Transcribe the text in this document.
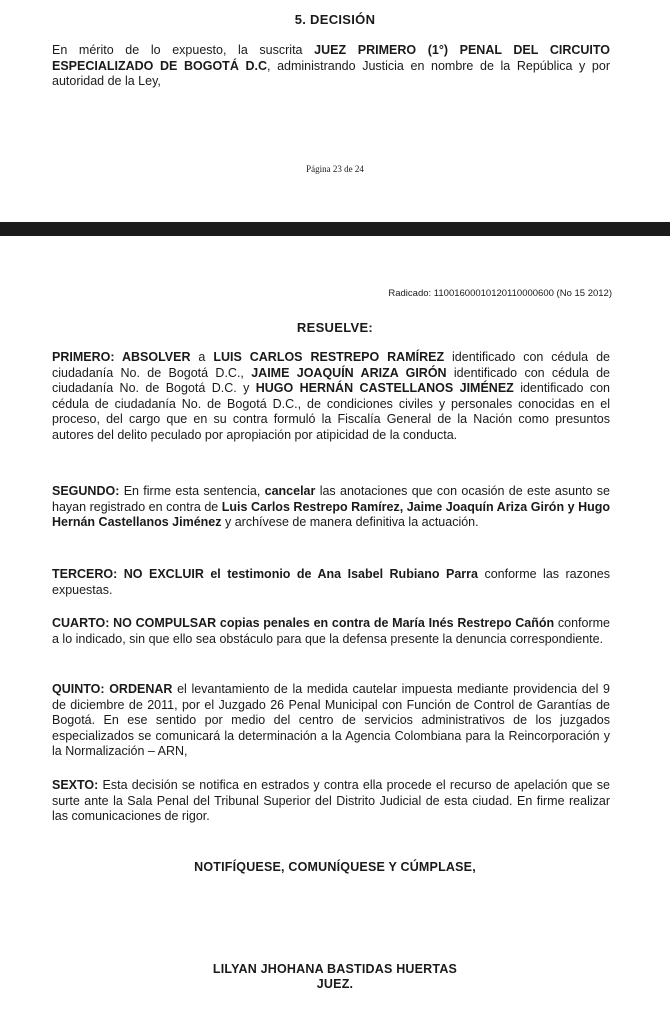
5. DECISIÓN
En mérito de lo expuesto, la suscrita JUEZ PRIMERO (1°) PENAL DEL CIRCUITO ESPECIALIZADO DE BOGOTÁ D.C, administrando Justicia en nombre de la República y por autoridad de la Ley,
Página 23 de 24
Radicado: 110016000101201100006​00 (No 15 2012)
RESUELVE:
PRIMERO: ABSOLVER a LUIS CARLOS RESTREPO RAMÍREZ identificado con cédula de ciudadanía No. de Bogotá D.C., JAIME JOAQUÍN ARIZA GIRÓN identificado con cédula de ciudadanía No. de Bogotá D.C. y HUGO HERNÁN CASTELLANOS JIMÉNEZ identificado con cédula de ciudadanía No. de Bogotá D.C., de condiciones civiles y personales conocidas en el proceso, del cargo que en su contra formuló la Fiscalía General de la Nación como presuntos autores del delito peculado por apropiación por atipicidad de la conducta.
SEGUNDO: En firme esta sentencia, cancelar las anotaciones que con ocasión de este asunto se hayan registrado en contra de Luis Carlos Restrepo Ramírez, Jaime Joaquín Ariza Girón y Hugo Hernán Castellanos Jiménez y archívese de manera definitiva la actuación.
TERCERO: NO EXCLUIR el testimonio de Ana Isabel Rubiano Parra conforme las razones expuestas.
CUARTO: NO COMPULSAR copias penales en contra de María Inés Restrepo Cañón conforme a lo indicado, sin que ello sea obstáculo para que la defensa presente la denuncia correspondiente.
QUINTO: ORDENAR el levantamiento de la medida cautelar impuesta mediante providencia del 9 de diciembre de 2011, por el Juzgado 26 Penal Municipal con Función de Control de Garantías de Bogotá. En ese sentido por medio del centro de servicios administrativos de los juzgados especializados se comunicará la determinación a la Agencia Colombiana para la Reincorporación y la Normalización – ARN,
SEXTO: Esta decisión se notifica en estrados y contra ella procede el recurso de apelación que se surte ante la Sala Penal del Tribunal Superior del Distrito Judicial de esta ciudad. En firme realizar las comunicaciones de rigor.
NOTIFÍQUESE, COMUNÍQUESE Y CÚMPLASE,
LILYAN JHOHANA BASTIDAS HUERTAS
JUEZ.
